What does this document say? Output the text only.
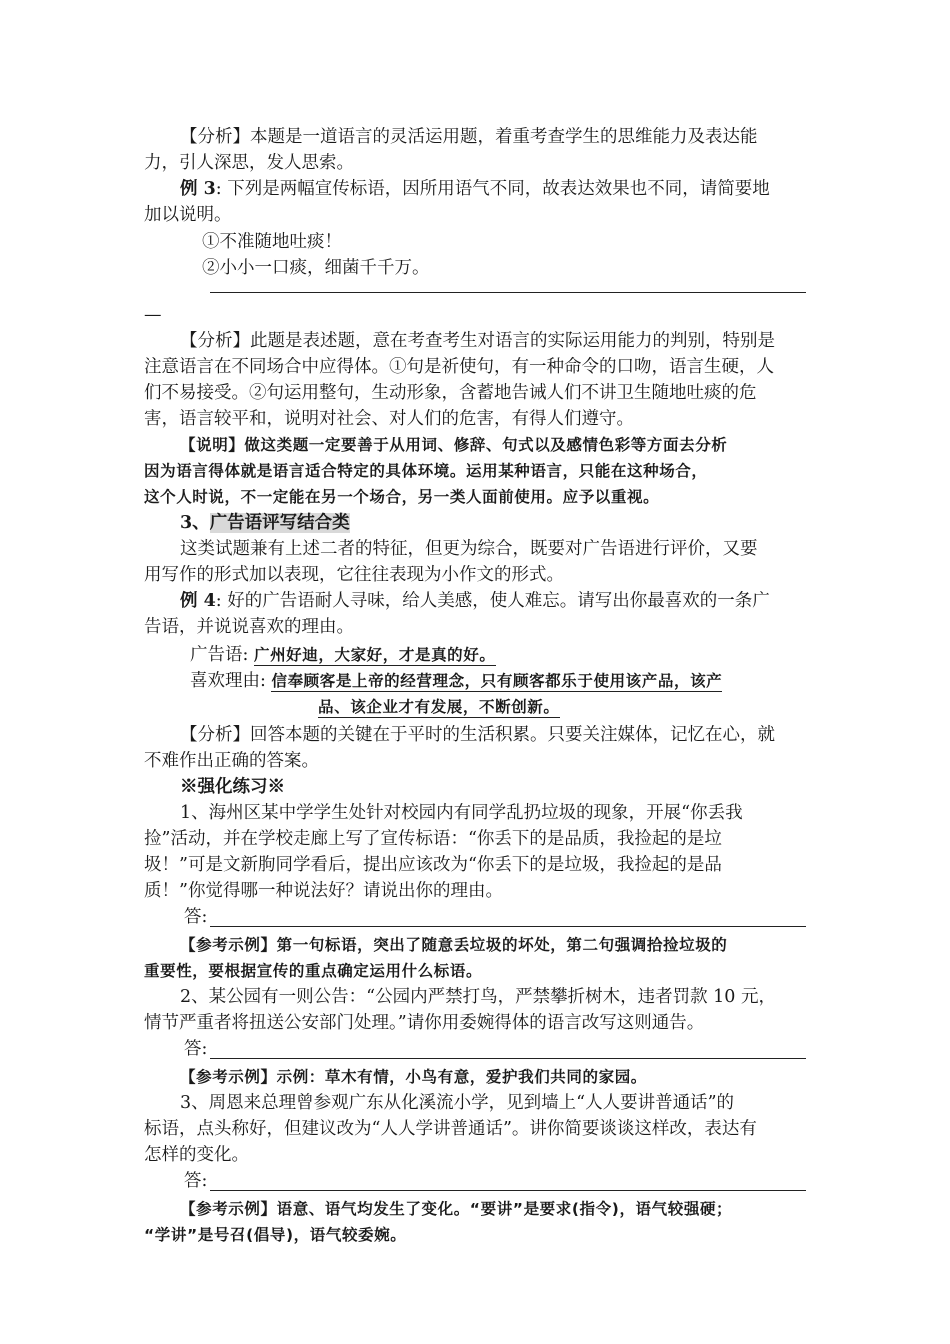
【分析】本题是一道语言的灵活运用题，着重考查学生的思维能力及表达能
力，引人深思，发人思索。
例 3: 下列是两幅宣传标语，因所用语气不同，故表达效果也不同，请简要地
加以说明。
①不准随地吐痰！
②小小一口痰，细菌千千万。
—
【分析】此题是表述题，意在考查考生对语言的实际运用能力的判别，特别是
注意语言在不同场合中应得体。①句是祈使句，有一种命令的口吻，语言生硬，人
们不易接受。②句运用整句，生动形象，含蓄地告诫人们不讲卫生随地吐痰的危
害，语言较平和，说明对社会、对人们的危害，有得人们遵守。
【说明】做这类题一定要善于从用词、修辞、句式以及感情色彩等方面去分析
因为语言得体就是语言适合特定的具体环境。运用某种语言，只能在这种场合，
这个人时说，不一定能在另一个场合，另一类人面前使用。应予以重视。
3、广告语评写结合类
这类试题兼有上述二者的特征，但更为综合，既要对广告语进行评价，又要
用写作的形式加以表现，它往往表现为小作文的形式。
例 4: 好的广告语耐人寻味，给人美感，使人难忘。请写出你最喜欢的一条广
告语，并说说喜欢的理由。
广告语: 广州好迪，大家好，才是真的好。
喜欢理由: 信奉顾客是上帝的经营理念，只有顾客都乐于使用该产品，该产
品、该企业才有发展，不断创新。
【分析】回答本题的关键在于平时的生活积累。只要关注媒体，记忆在心，就
不难作出正确的答案。
※强化练习※
1、海州区某中学学生处针对校园内有同学乱扔垃圾的现象，开展“你丢我
捡”活动，并在学校走廊上写了宣传标语：“你丢下的是品质，我捡起的是垃
圾！”可是文新朐同学看后，提出应该改为“你丢下的是垃圾，我捡起的是品
质！”你觉得哪一种说法好？请说出你的理由。
答:
【参考示例】第一句标语，突出了随意丢垃圾的坏处，第二句强调拾捡垃圾的
重要性，要根据宣传的重点确定运用什么标语。
2、某公园有一则公告：“公园内严禁打鸟，严禁攀折树木，违者罚款 10 元，
情节严重者将扭送公安部门处理。”请你用委婉得体的语言改写这则通告。
答:
【参考示例】示例：草木有情，小鸟有意，爱护我们共同的家园。
3、周恩来总理曾参观广东从化溪流小学，见到墙上“人人要讲普通话”的
标语，点头称好，但建议改为“人人学讲普通话”。讲你简要谈谈这样改，表达有
怎样的变化。
答:
【参考示例】语意、语气均发生了变化。“要讲”是要求(指令)，语气较强硬；
“学讲”是号召(倡导)，语气较委婉。
